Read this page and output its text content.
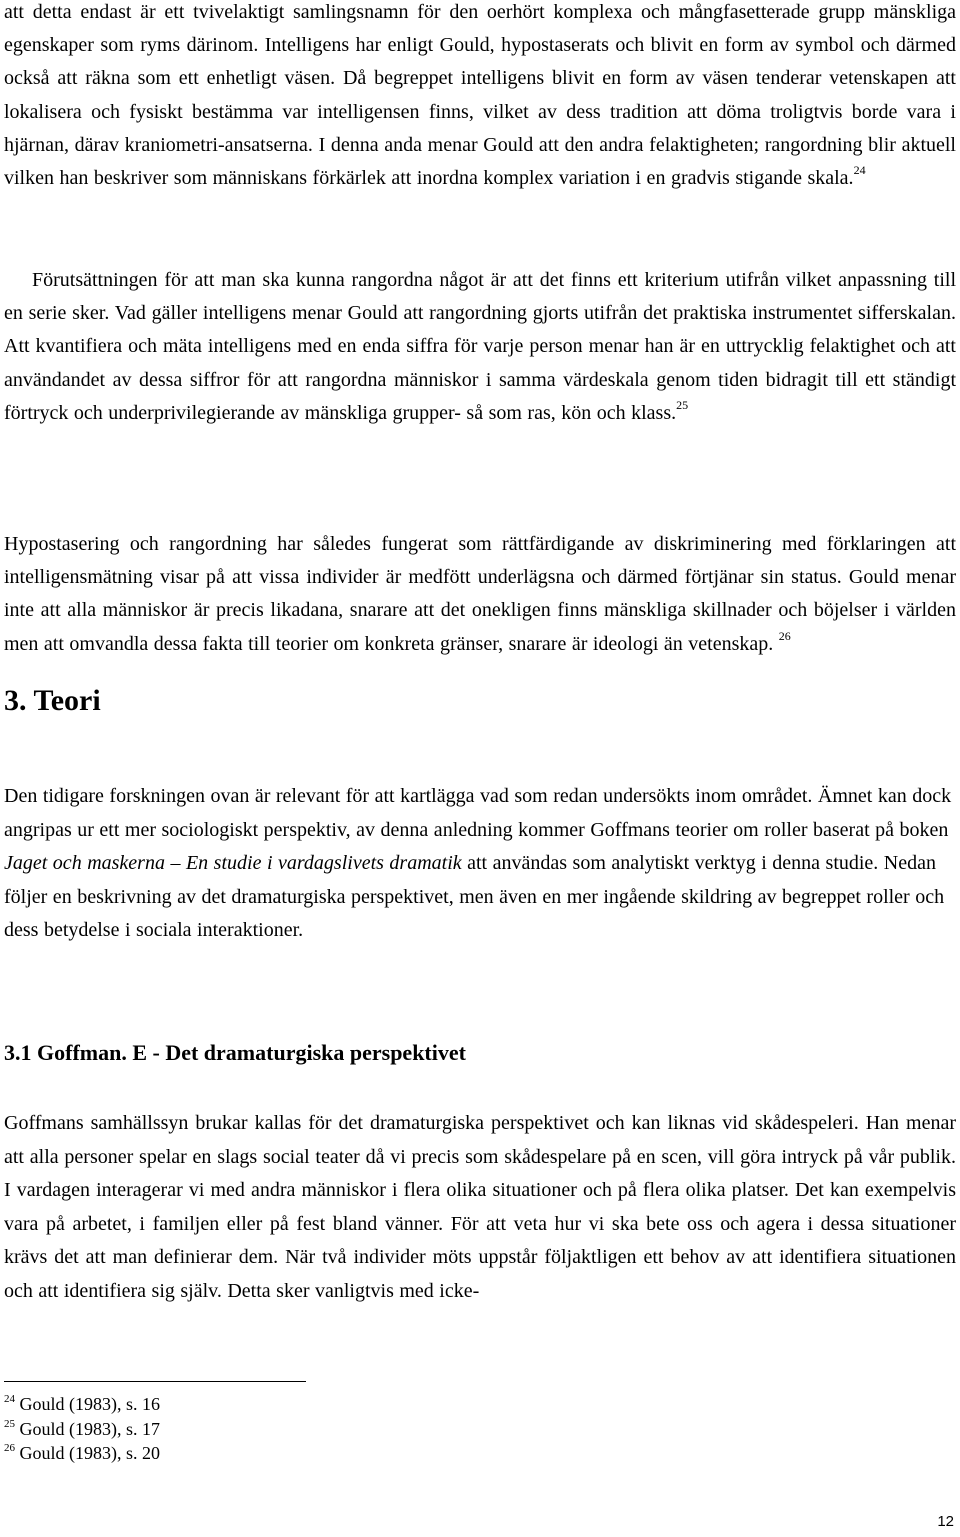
att detta endast är ett tvivelaktigt samlingsnamn för den oerhört komplexa och mångfasetterade grupp mänskliga egenskaper som ryms därinom. Intelligens har enligt Gould, hypostaserats och blivit en form av symbol och därmed också att räkna som ett enhetligt väsen. Då begreppet intelligens blivit en form av väsen tenderar vetenskapen att lokalisera och fysiskt bestämma var intelligensen finns, vilket av dess tradition att döma troligtvis borde vara i hjärnan, därav kraniometri-ansatserna. I denna anda menar Gould att den andra felaktigheten; rangordning blir aktuell vilken han beskriver som människans förkärlek att inordna komplex variation i en gradvis stigande skala.$^{24}$

Förutsättningen för att man ska kunna rangordna något är att det finns ett kriterium utifrån vilket anpassning till en serie sker. Vad gäller intelligens menar Gould att rangordning gjorts utifrån det praktiska instrumentet sifferskalan. Att kvantifiera och mäta intelligens med en enda siffra för varje person menar han är en uttrycklig felaktighet och att användandet av dessa siffror för att rangordna människor i samma värdeskala genom tiden bidragit till ett ständigt förtryck och underprivilegierande av mänskliga grupper- så som ras, kön och klass.$^{25}$

Hypostasering och rangordning har således fungerat som rättfärdigande av diskriminering med förklaringen att intelligensmätning visar på att vissa individer är medfött underlägsna och därmed förtjänar sin status. Gould menar inte att alla människor är precis likadana, snarare att det onekligen finns mänskliga skillnader och böjelser i världen men att omvandla dessa fakta till teorier om konkreta gränser, snarare är ideologi än vetenskap. $^{26}$

3. Teori

Den tidigare forskningen ovan är relevant för att kartlägga vad som redan undersökts inom området. Ämnet kan dock angripas ur ett mer sociologiskt perspektiv, av denna anledning kommer Goffmans teorier om roller baserat på boken Jaget och maskerna – En studie i vardagslivets dramatik att användas som analytiskt verktyg i denna studie. Nedan följer en beskrivning av det dramaturgiska perspektivet, men även en mer ingående skildring av begreppet roller och dess betydelse i sociala interaktioner.

3.1 Goffman. E - Det dramaturgiska perspektivet

Goffmans samhällssyn brukar kallas för det dramaturgiska perspektivet och kan liknas vid skådespeleri. Han menar att alla personer spelar en slags social teater då vi precis som skådespelare på en scen, vill göra intryck på vår publik. I vardagen interagerar vi med andra människor i flera olika situationer och på flera olika platser. Det kan exempelvis vara på arbetet, i familjen eller på fest bland vänner. För att veta hur vi ska bete oss och agera i dessa situationer krävs det att man definierar dem. När två individer möts uppstår följaktligen ett behov av att identifiera situationen och att identifiera sig själv. Detta sker vanligtvis med icke-

$^{24}$ Gould (1983), s. 16
$^{25}$ Gould (1983), s. 17
$^{26}$ Gould (1983), s. 20
12
